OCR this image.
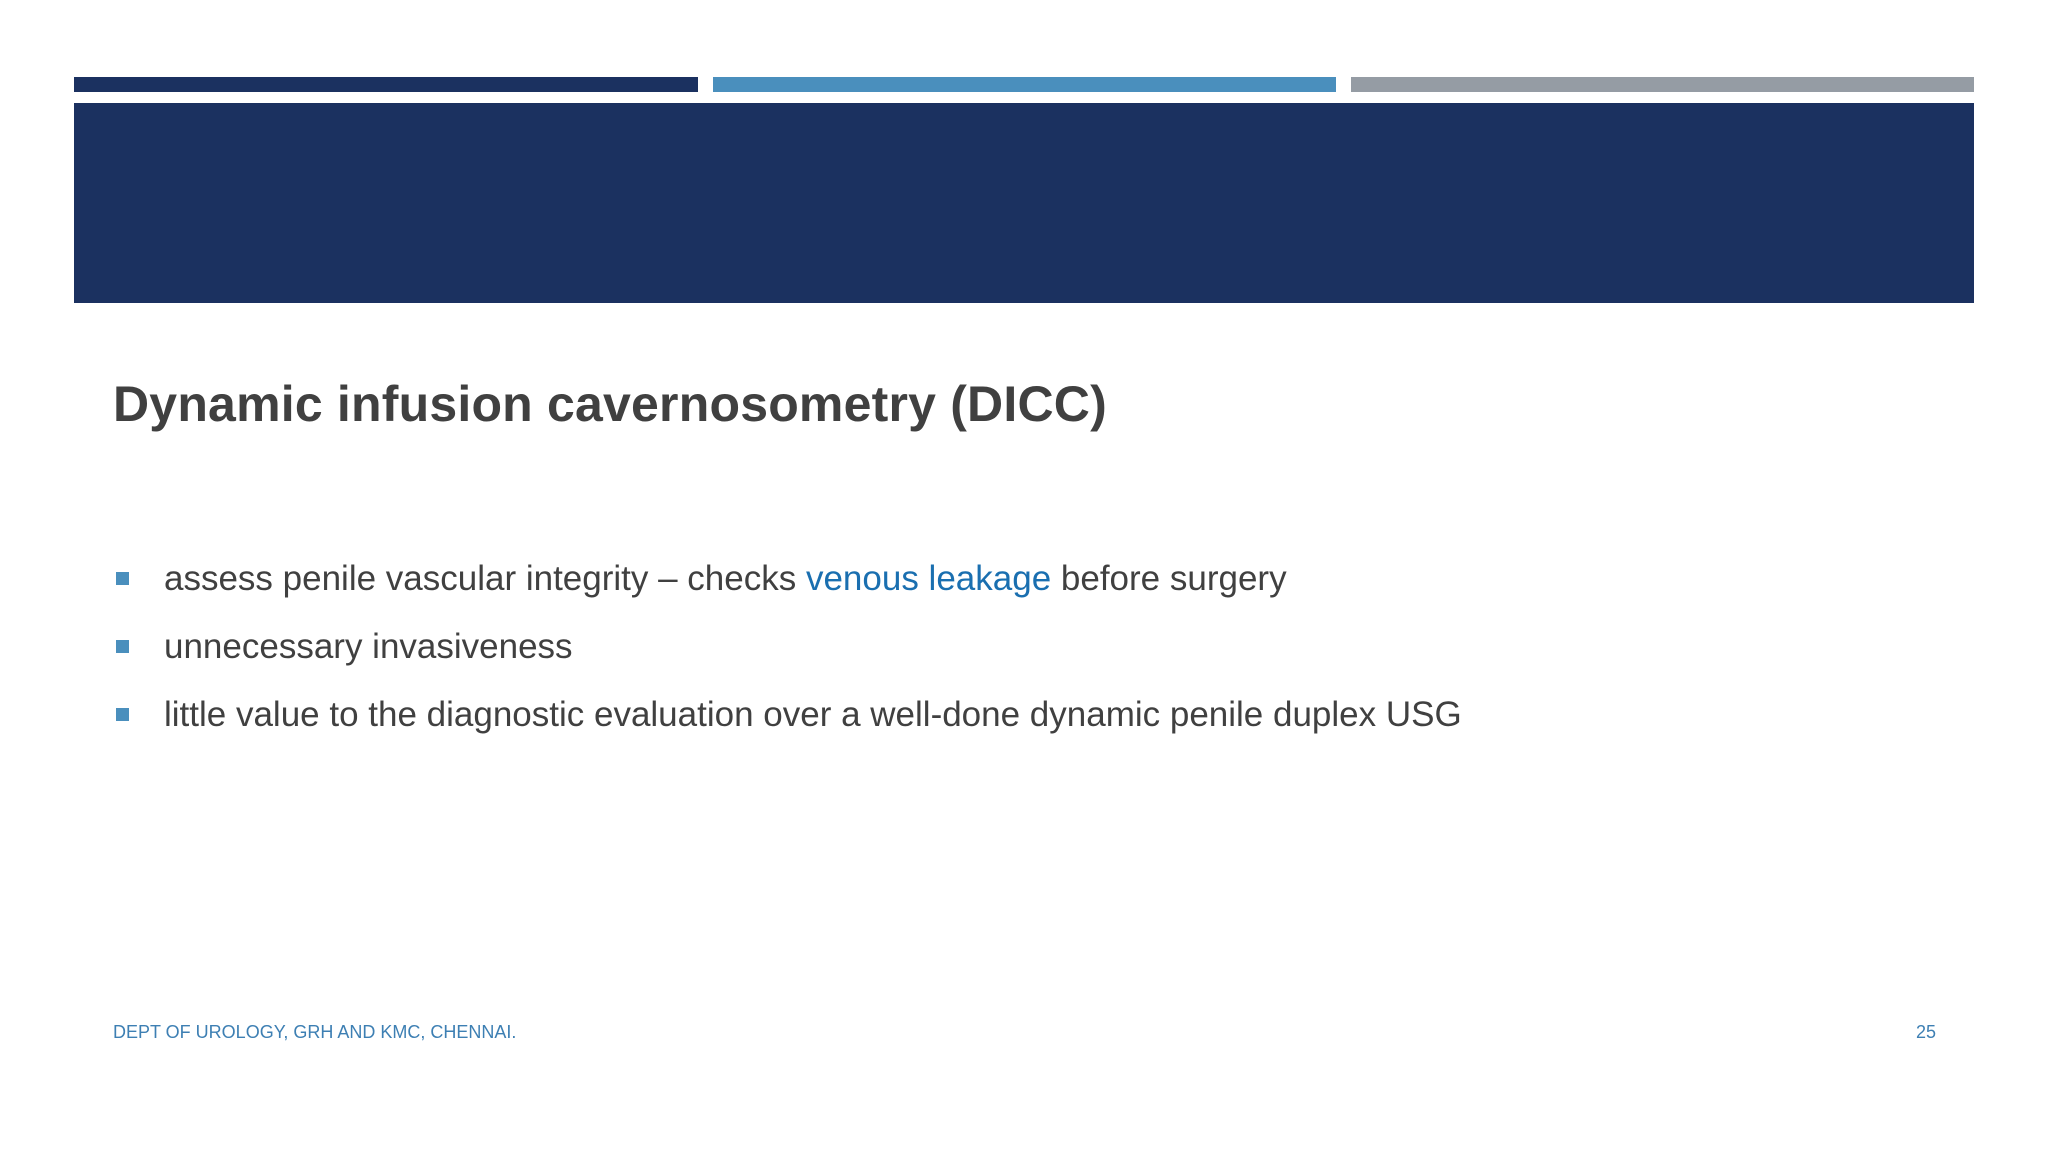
Dynamic infusion cavernosometry (DICC)
assess penile vascular integrity – checks venous leakage before surgery
unnecessary invasiveness
little value to the diagnostic evaluation over a well-done dynamic penile duplex USG
DEPT OF UROLOGY, GRH AND KMC, CHENNAI.	25
